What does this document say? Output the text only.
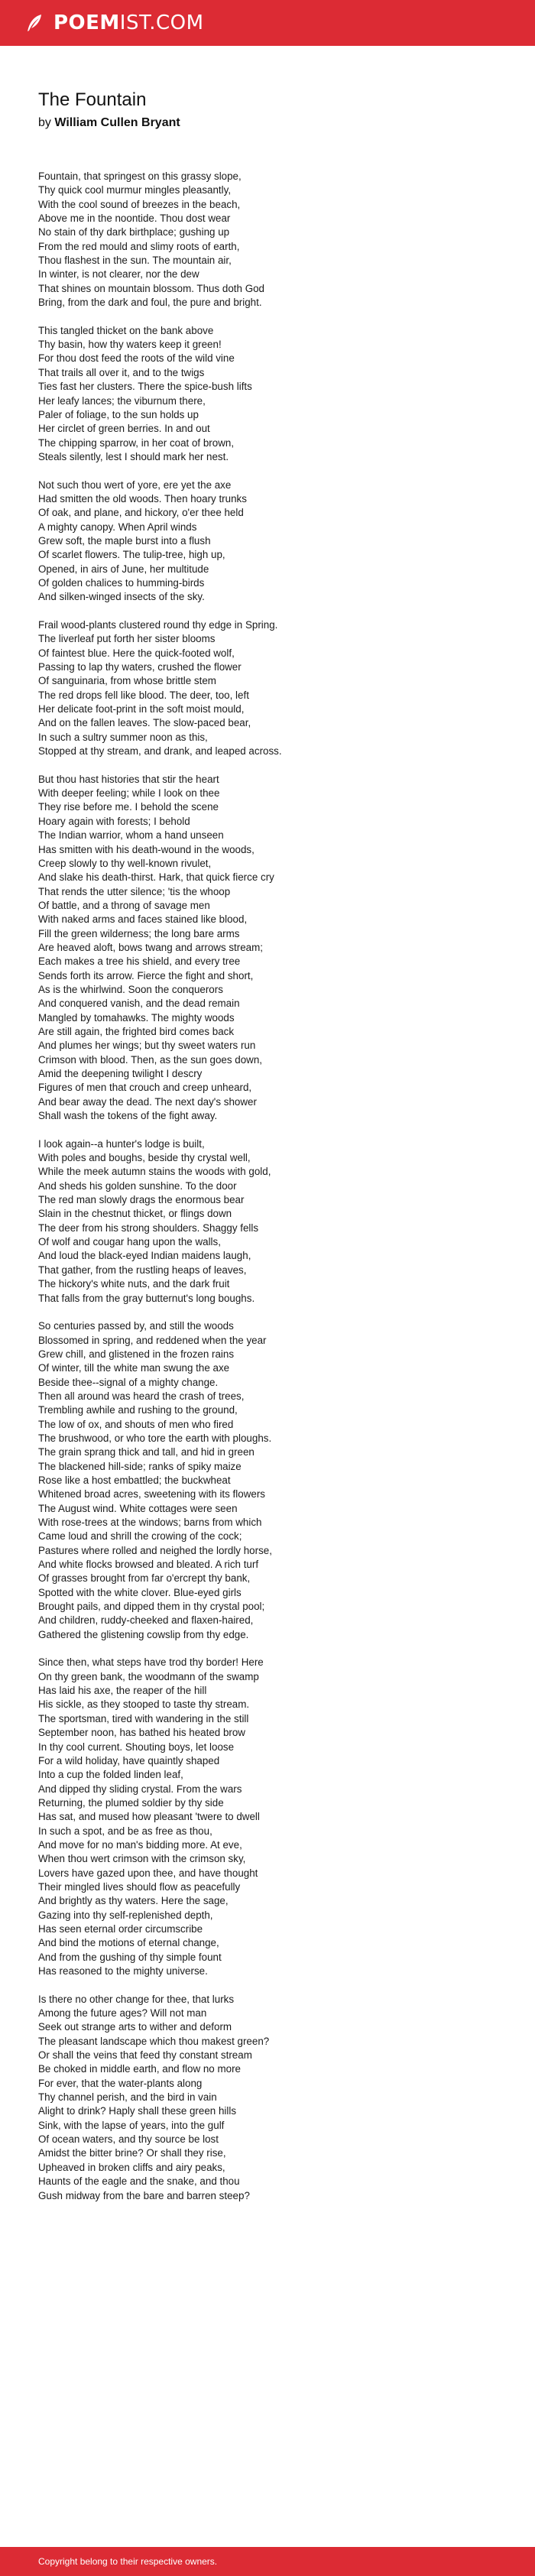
POEMIST.COM
The Fountain
by William Cullen Bryant
Fountain, that springest on this grassy slope,
Thy quick cool murmur mingles pleasantly,
With the cool sound of breezes in the beach,
Above me in the noontide. Thou dost wear
No stain of thy dark birthplace; gushing up
From the red mould and slimy roots of earth,
Thou flashest in the sun. The mountain air,
In winter, is not clearer, nor the dew
That shines on mountain blossom. Thus doth God
Bring, from the dark and foul, the pure and bright.
This tangled thicket on the bank above
Thy basin, how thy waters keep it green!
For thou dost feed the roots of the wild vine
That trails all over it, and to the twigs
Ties fast her clusters. There the spice-bush lifts
Her leafy lances; the viburnum there,
Paler of foliage, to the sun holds up
Her circlet of green berries. In and out
The chipping sparrow, in her coat of brown,
Steals silently, lest I should mark her nest.
Not such thou wert of yore, ere yet the axe
Had smitten the old woods. Then hoary trunks
Of oak, and plane, and hickory, o'er thee held
A mighty canopy. When April winds
Grew soft, the maple burst into a flush
Of scarlet flowers. The tulip-tree, high up,
Opened, in airs of June, her multitude
Of golden chalices to humming-birds
And silken-winged insects of the sky.
Frail wood-plants clustered round thy edge in Spring.
The liverleaf put forth her sister blooms
Of faintest blue. Here the quick-footed wolf,
Passing to lap thy waters, crushed the flower
Of sanguinaria, from whose brittle stem
The red drops fell like blood. The deer, too, left
Her delicate foot-print in the soft moist mould,
And on the fallen leaves. The slow-paced bear,
In such a sultry summer noon as this,
Stopped at thy stream, and drank, and leaped across.
But thou hast histories that stir the heart
With deeper feeling; while I look on thee
They rise before me. I behold the scene
Hoary again with forests; I behold
The Indian warrior, whom a hand unseen
Has smitten with his death-wound in the woods,
Creep slowly to thy well-known rivulet,
And slake his death-thirst. Hark, that quick fierce cry
That rends the utter silence; 'tis the whoop
Of battle, and a throng of savage men
With naked arms and faces stained like blood,
Fill the green wilderness; the long bare arms
Are heaved aloft, bows twang and arrows stream;
Each makes a tree his shield, and every tree
Sends forth its arrow. Fierce the fight and short,
As is the whirlwind. Soon the conquerors
And conquered vanish, and the dead remain
Mangled by tomahawks. The mighty woods
Are still again, the frighted bird comes back
And plumes her wings; but thy sweet waters run
Crimson with blood. Then, as the sun goes down,
Amid the deepening twilight I descry
Figures of men that crouch and creep unheard,
And bear away the dead. The next day's shower
Shall wash the tokens of the fight away.
I look again--a hunter's lodge is built,
With poles and boughs, beside thy crystal well,
While the meek autumn stains the woods with gold,
And sheds his golden sunshine. To the door
The red man slowly drags the enormous bear
Slain in the chestnut thicket, or flings down
The deer from his strong shoulders. Shaggy fells
Of wolf and cougar hang upon the walls,
And loud the black-eyed Indian maidens laugh,
That gather, from the rustling heaps of leaves,
The hickory's white nuts, and the dark fruit
That falls from the gray butternut's long boughs.
So centuries passed by, and still the woods
Blossomed in spring, and reddened when the year
Grew chill, and glistened in the frozen rains
Of winter, till the white man swung the axe
Beside thee--signal of a mighty change.
Then all around was heard the crash of trees,
Trembling awhile and rushing to the ground,
The low of ox, and shouts of men who fired
The brushwood, or who tore the earth with ploughs.
The grain sprang thick and tall, and hid in green
The blackened hill-side; ranks of spiky maize
Rose like a host embattled; the buckwheat
Whitened broad acres, sweetening with its flowers
The August wind. White cottages were seen
With rose-trees at the windows; barns from which
Came loud and shrill the crowing of the cock;
Pastures where rolled and neighed the lordly horse,
And white flocks browsed and bleated. A rich turf
Of grasses brought from far o'ercrept thy bank,
Spotted with the white clover. Blue-eyed girls
Brought pails, and dipped them in thy crystal pool;
And children, ruddy-cheeked and flaxen-haired,
Gathered the glistening cowslip from thy edge.
Since then, what steps have trod thy border! Here
On thy green bank, the woodmann of the swamp
Has laid his axe, the reaper of the hill
His sickle, as they stooped to taste thy stream.
The sportsman, tired with wandering in the still
September noon, has bathed his heated brow
In thy cool current. Shouting boys, let loose
For a wild holiday, have quaintly shaped
Into a cup the folded linden leaf,
And dipped thy sliding crystal. From the wars
Returning, the plumed soldier by thy side
Has sat, and mused how pleasant 'twere to dwell
In such a spot, and be as free as thou,
And move for no man's bidding more. At eve,
When thou wert crimson with the crimson sky,
Lovers have gazed upon thee, and have thought
Their mingled lives should flow as peacefully
And brightly as thy waters. Here the sage,
Gazing into thy self-replenished depth,
Has seen eternal order circumscribe
And bind the motions of eternal change,
And from the gushing of thy simple fount
Has reasoned to the mighty universe.
Is there no other change for thee, that lurks
Among the future ages? Will not man
Seek out strange arts to wither and deform
The pleasant landscape which thou makest green?
Or shall the veins that feed thy constant stream
Be choked in middle earth, and flow no more
For ever, that the water-plants along
Thy channel perish, and the bird in vain
Alight to drink? Haply shall these green hills
Sink, with the lapse of years, into the gulf
Of ocean waters, and thy source be lost
Amidst the bitter brine? Or shall they rise,
Upheaved in broken cliffs and airy peaks,
Haunts of the eagle and the snake, and thou
Gush midway from the bare and barren steep?
Copyright belong to their respective owners.
